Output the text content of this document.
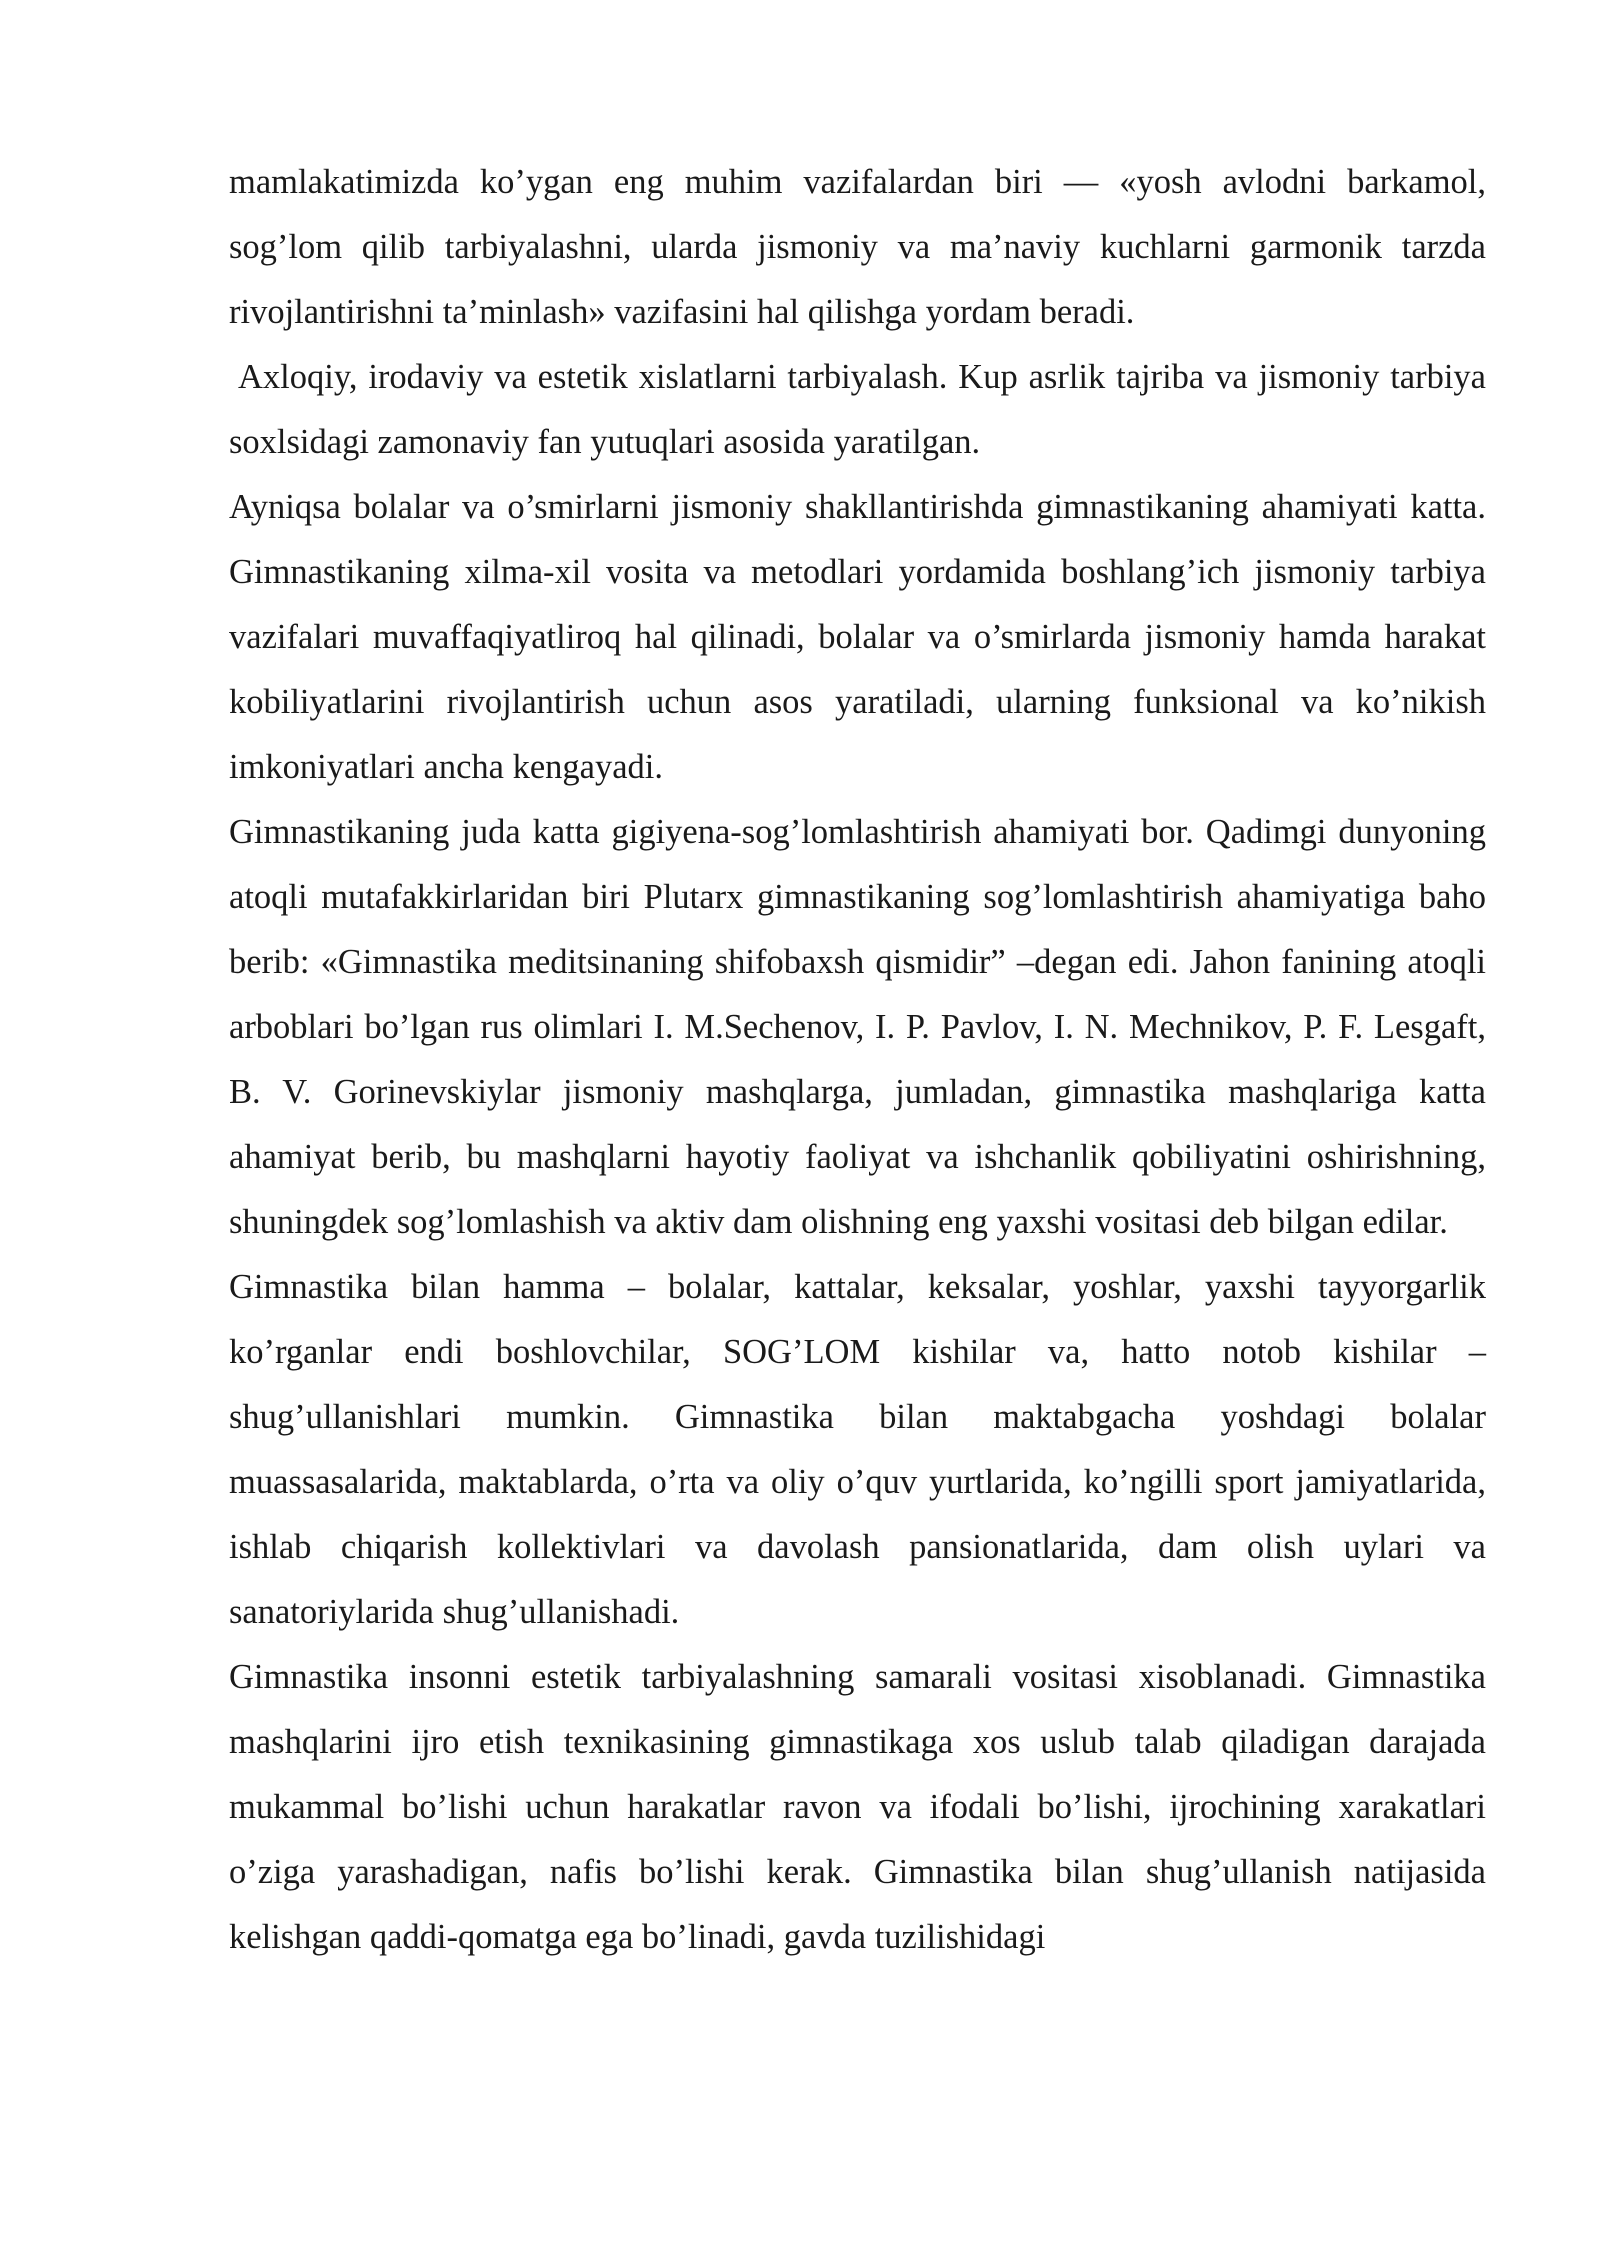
mamlakatimizda ko’ygan eng muhim vazifalardan biri — «yosh avlodni barkamol, sog’lom qilib tarbiyalashni, ularda jismoniy va ma’naviy kuchlarni garmonik tarzda rivojlantirishni ta’minlash» vazifasini hal qilishga yordam beradi.

Axloqiy, irodaviy va estetik xislatlarni tarbiyalash. Kup asrlik tajriba va jismoniy tarbiya soxlsidagi zamonaviy fan yutuqlari asosida yaratilgan.

Ayniqsa bolalar va o’smirlarni jismoniy shakllantirishda gimnastikaning ahamiyati katta. Gimnastikaning xilma-xil vosita va metodlari yordamida boshlang’ich jismoniy tarbiya vazifalari muvaffaqiyatliroq hal qilinadi, bolalar va o’smirlarda jismoniy hamda harakat kobiliyatlarini rivojlantirish uchun asos yaratiladi, ularning funksional va ko’nikish imkoniyatlari ancha kengayadi.

Gimnastikaning juda katta gigiyena-sog’lomlashtirish ahamiyati bor. Qadimgi dunyoning atoqli mutafakkirlaridan biri Plutarx gimnastikaning sog’lomlashtirish ahamiyatiga baho berib: «Gimnastika meditsinaning shifobaxsh qismidir” –degan edi. Jahon fanining atoqli arboblari bo’lgan rus olimlari I. M.Sechenov, I. P. Pavlov, I. N. Mechnikov, P. F. Lesgaft, B. V. Gorinevskiylar jismoniy mashqlarga, jumladan, gimnastika mashqlariga katta ahamiyat berib, bu mashqlarni hayotiy faoliyat va ishchanlik qobiliyatini oshirishning, shuningdek sog’lomlashish va aktiv dam olishning eng yaxshi vositasi deb bilgan edilar.

Gimnastika bilan hamma – bolalar, kattalar, keksalar, yoshlar, yaxshi tayyorgarlik ko’rganlar endi boshlovchilar, SOG’LOM kishilar va, hatto notob kishilar – shug’ullanishlari mumkin. Gimnastika bilan maktabgacha yoshdagi bolalar muassasalarida, maktablarda, o’rta va oliy o’quv yurtlarida, ko’ngilli sport jamiyatlarida, ishlab chiqarish kollektivlari va davolash pansionatlarida, dam olish uylari va sanatoriylarida shug’ullanishadi.

Gimnastika insonni estetik tarbiyalashning samarali vositasi xisoblanadi. Gimnastika mashqlarini ijro etish texnikasining gimnastikaga xos uslub talab qiladigan darajada mukammal bo’lishi uchun harakatlar ravon va ifodali bo’lishi, ijrochining xarakatlari o’ziga yarashadigan, nafis bo’lishi kerak. Gimnastika bilan shug’ullanish natijasida kelishgan qaddi-qomatga ega bo’linadi, gavda tuzilishidagi
